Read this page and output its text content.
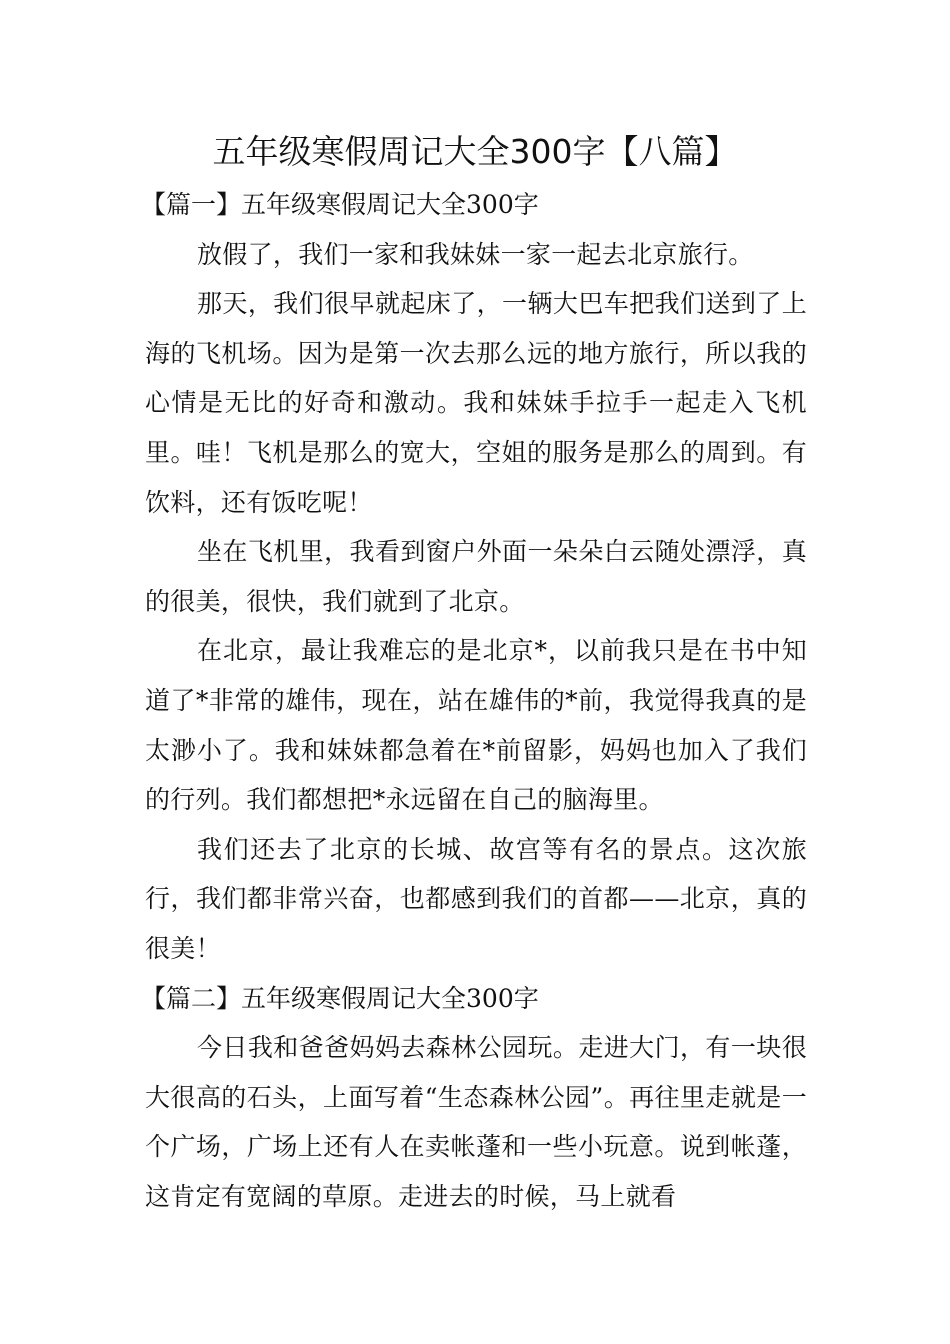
五年级寒假周记大全300字【八篇】
【篇一】五年级寒假周记大全300字

放假了，我们一家和我妹妹一家一起去北京旅行。

那天，我们很早就起床了，一辆大巴车把我们送到了上海的飞机场。因为是第一次去那么远的地方旅行，所以我的心情是无比的好奇和激动。我和妹妹手拉手一起走入飞机里。哇！飞机是那么的宽大，空姐的服务是那么的周到。有饮料，还有饭吃呢！

坐在飞机里，我看到窗户外面一朵朵白云随处漂浮，真的很美，很快，我们就到了北京。

在北京，最让我难忘的是北京*，以前我只是在书中知道了*非常的雄伟，现在，站在雄伟的*前，我觉得我真的是太渺小了。我和妹妹都急着在*前留影，妈妈也加入了我们的行列。我们都想把*永远留在自己的脑海里。

我们还去了北京的长城、故宫等有名的景点。这次旅行，我们都非常兴奋，也都感到我们的首都——北京，真的很美！

【篇二】五年级寒假周记大全300字

今日我和爸爸妈妈去森林公园玩。走进大门，有一块很大很高的石头，上面写着“生态森林公园”。再往里走就是一个广场，广场上还有人在卖帐蓬和一些小玩意。说到帐蓬，这肯定有宽阔的草原。走进去的时候，马上就看
